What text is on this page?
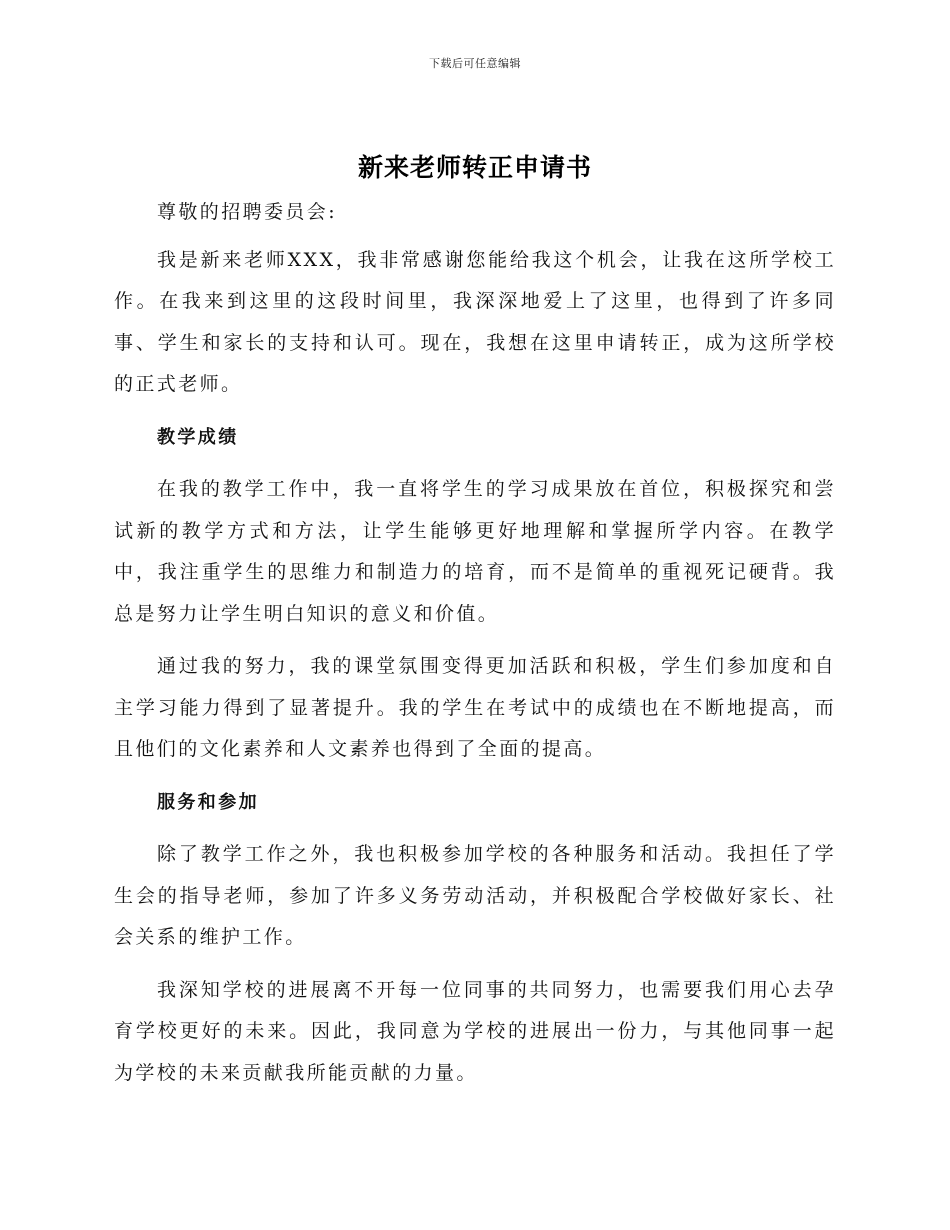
下载后可任意编辑
新来老师转正申请书

尊敬的招聘委员会:

我是新来老师XXX，我非常感谢您能给我这个机会，让我在这所学校工作。在我来到这里的这段时间里，我深深地爱上了这里，也得到了许多同事、学生和家长的支持和认可。现在，我想在这里申请转正，成为这所学校的正式老师。

教学成绩

在我的教学工作中，我一直将学生的学习成果放在首位，积极探究和尝试新的教学方式和方法，让学生能够更好地理解和掌握所学内容。在教学中，我注重学生的思维力和制造力的培育，而不是简单的重视死记硬背。我总是努力让学生明白知识的意义和价值。

通过我的努力，我的课堂氛围变得更加活跃和积极，学生们参加度和自主学习能力得到了显著提升。我的学生在考试中的成绩也在不断地提高，而且他们的文化素养和人文素养也得到了全面的提高。

服务和参加

除了教学工作之外，我也积极参加学校的各种服务和活动。我担任了学生会的指导老师，参加了许多义务劳动活动，并积极配合学校做好家长、社会关系的维护工作。

我深知学校的进展离不开每一位同事的共同努力，也需要我们用心去孕育学校更好的未来。因此，我同意为学校的进展出一份力，与其他同事一起为学校的未来贡献我所能贡献的力量。
